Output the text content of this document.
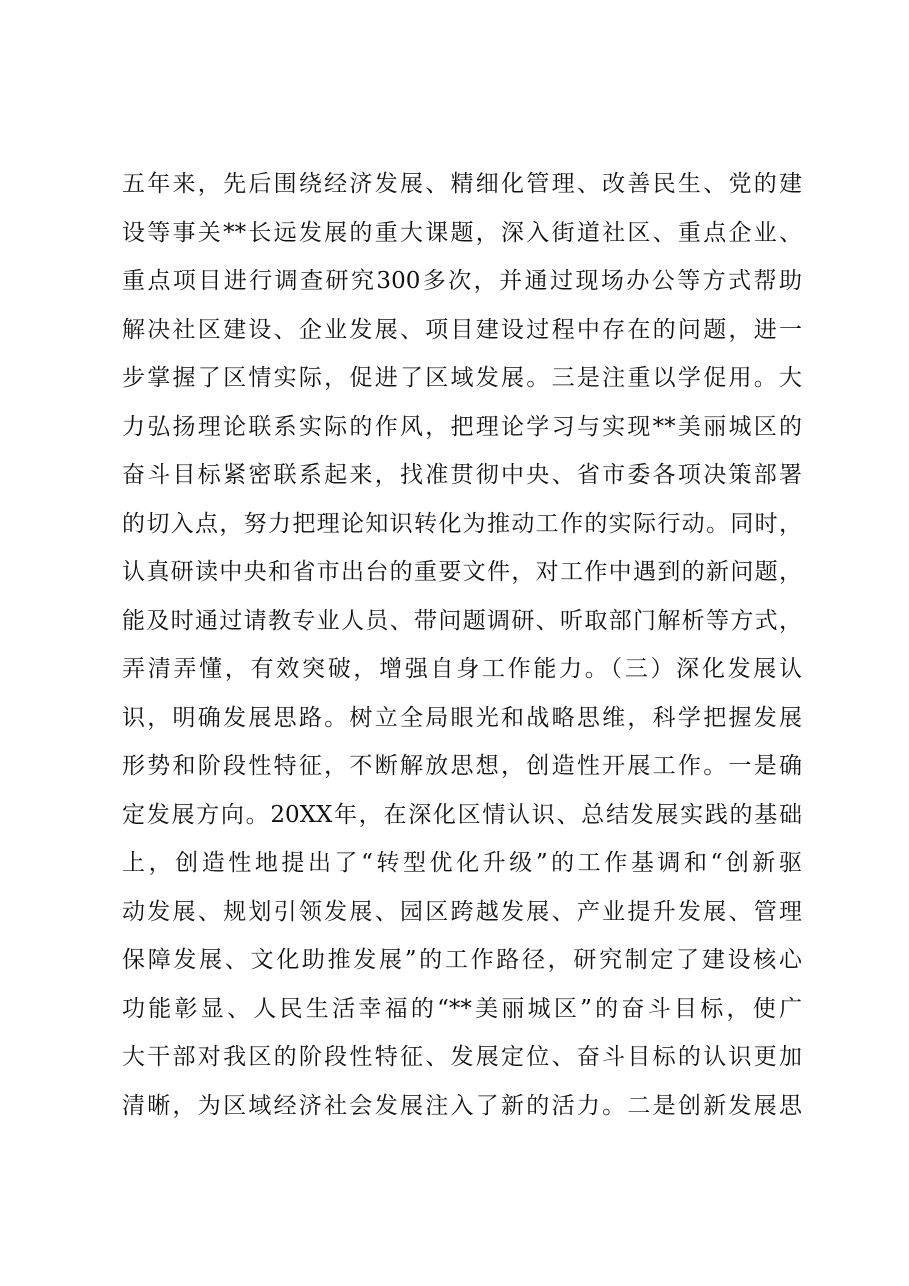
五年来，先后围绕经济发展、精细化管理、改善民生、党的建
设等事关**长远发展的重大课题，深入街道社区、重点企业、
重点项目进行调查研究300多次，并通过现场办公等方式帮助
解决社区建设、企业发展、项目建设过程中存在的问题，进一
步掌握了区情实际，促进了区域发展。三是注重以学促用。大
力弘扬理论联系实际的作风，把理论学习与实现**美丽城区的
奋斗目标紧密联系起来，找准贯彻中央、省市委各项决策部署
的切入点，努力把理论知识转化为推动工作的实际行动。同时，
认真研读中央和省市出台的重要文件，对工作中遇到的新问题，
能及时通过请教专业人员、带问题调研、听取部门解析等方式，
弄清弄懂，有效突破，增强自身工作能力。（三）深化发展认
识，明确发展思路。树立全局眼光和战略思维，科学把握发展
形势和阶段性特征，不断解放思想，创造性开展工作。一是确
定发展方向。20XX年，在深化区情认识、总结发展实践的基础
上，创造性地提出了“转型优化升级”的工作基调和“创新驱
动发展、规划引领发展、园区跨越发展、产业提升发展、管理
保障发展、文化助推发展”的工作路径，研究制定了建设核心
功能彰显、人民生活幸福的“**美丽城区”的奋斗目标，使广
大干部对我区的阶段性特征、发展定位、奋斗目标的认识更加
清晰，为区域经济社会发展注入了新的活力。二是创新发展思
